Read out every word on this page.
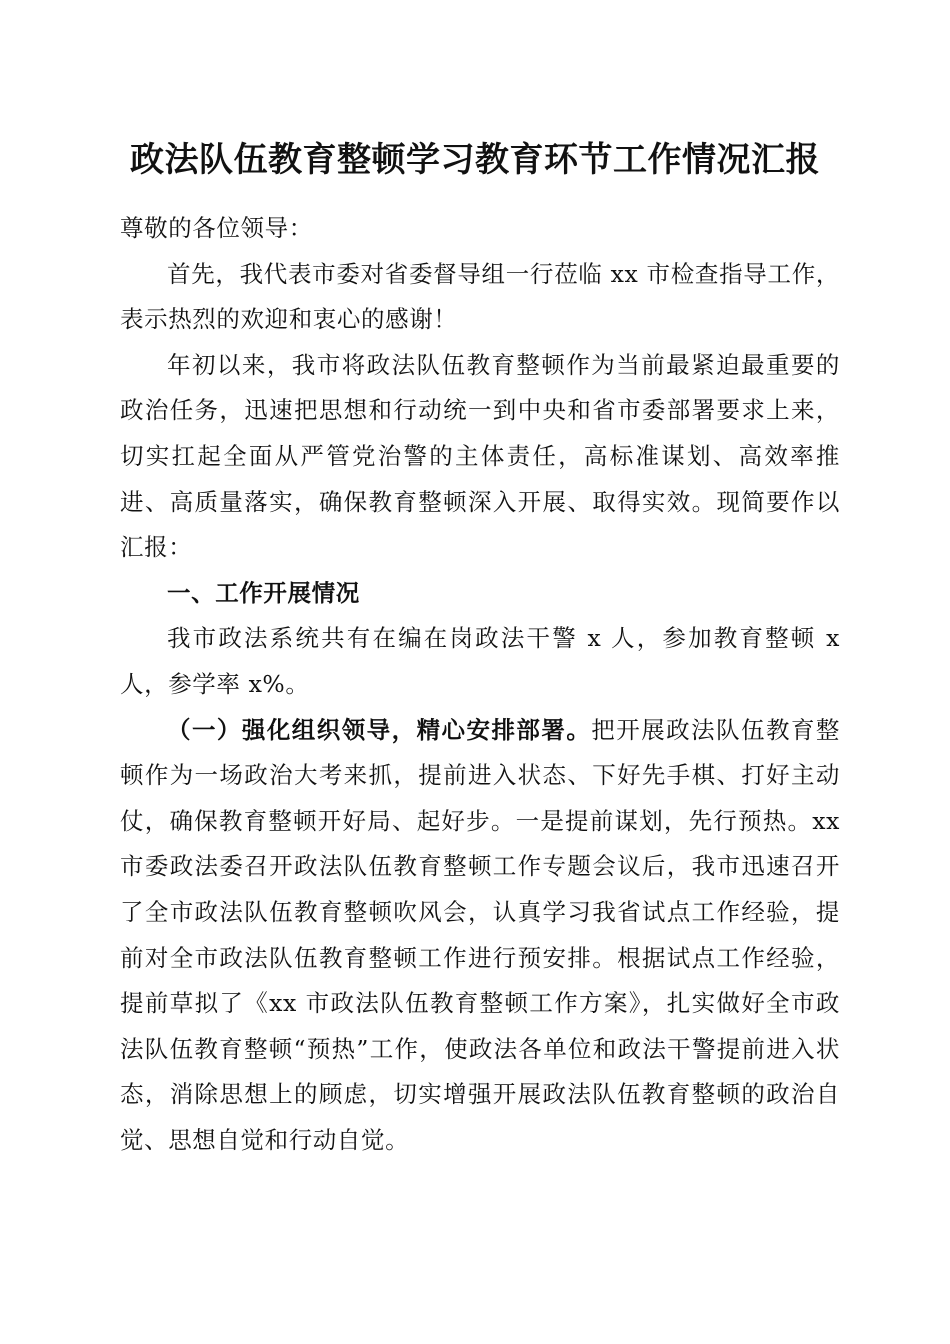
政法队伍教育整顿学习教育环节工作情况汇报

尊敬的各位领导：

首先，我代表市委对省委督导组一行莅临 xx 市检查指导工作，表示热烈的欢迎和衷心的感谢！

年初以来，我市将政法队伍教育整顿作为当前最紧迫最重要的政治任务，迅速把思想和行动统一到中央和省市委部署要求上来，切实扛起全面从严管党治警的主体责任，高标准谋划、高效率推进、高质量落实，确保教育整顿深入开展、取得实效。现简要作以汇报：

一、工作开展情况

我市政法系统共有在编在岗政法干警 x 人，参加教育整顿 x 人，参学率 x%。

（一）强化组织领导，精心安排部署。把开展政法队伍教育整顿作为一场政治大考来抓，提前进入状态、下好先手棋、打好主动仗，确保教育整顿开好局、起好步。一是提前谋划，先行预热。xx 市委政法委召开政法队伍教育整顿工作专题会议后，我市迅速召开了全市政法队伍教育整顿吹风会，认真学习我省试点工作经验，提前对全市政法队伍教育整顿工作进行预安排。根据试点工作经验，提前草拟了《xx 市政法队伍教育整顿工作方案》，扎实做好全市政法队伍教育整顿“预热”工作，使政法各单位和政法干警提前进入状态，消除思想上的顾虑，切实增强开展政法队伍教育整顿的政治自觉、思想自觉和行动自觉。
